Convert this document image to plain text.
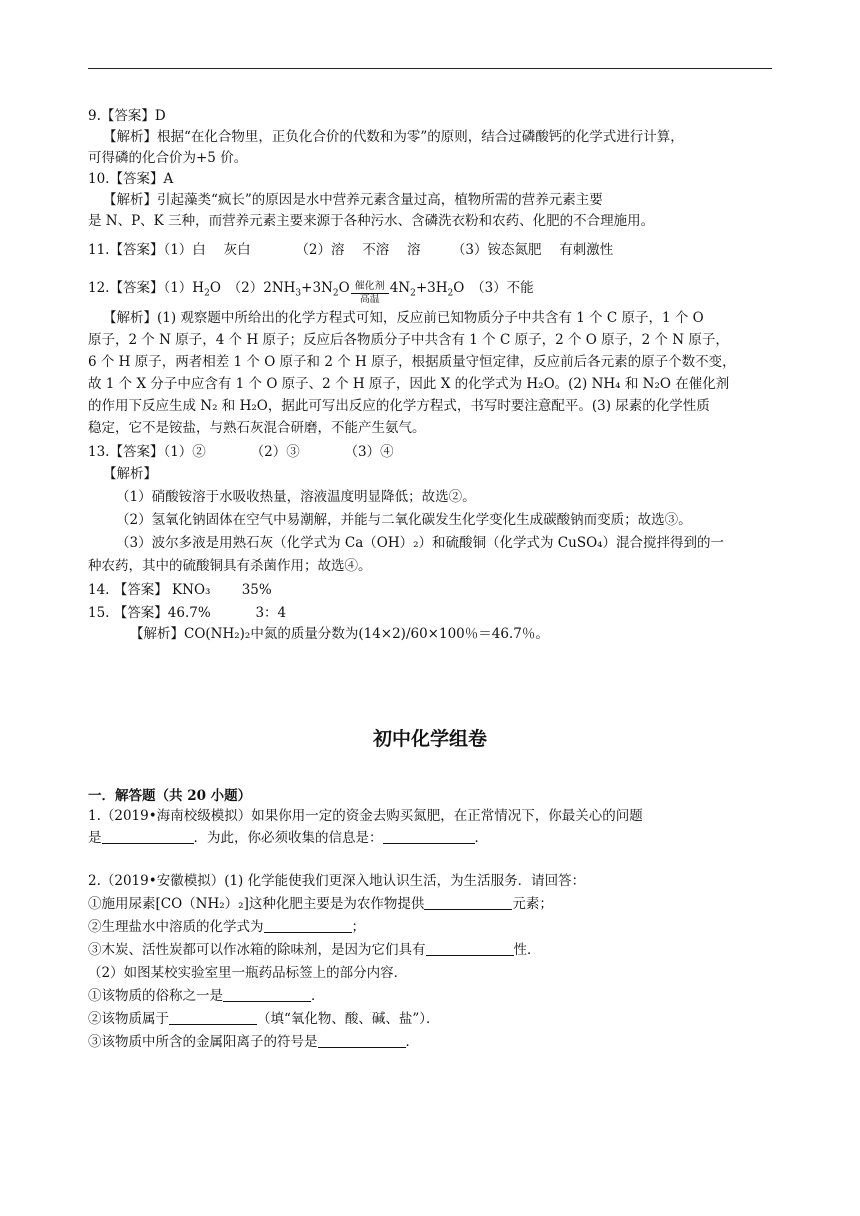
9.【答案】D
【解析】根据“在化合物里，正负化合价的代数和为零”的原则，结合过磷酸钙的化学式进行计算，
可得磷的化合价为+5 价。
10.【答案】A
【解析】引起藻类“疯长”的原因是水中营养元素含量过高，植物所需的营养元素主要
是 N、P、K 三种，而营养元素主要来源于各种污水、含磷洗衣粉和农药、化肥的不合理施用。
11.【答案】（1）白　 灰白　　　 （2）溶　 不溶　 溶　　 （3）铵态氮肥　 有刺激性
12.【答案】$(1)H_2O$　$(2)2NH_3+3N_2O \frac{\text{催化剂}}{\text{高温}} 4N_2+3H_2O$　（3）不能
【解析】(1) 观察题中所给出的化学方程式可知，反应前已知物质分子中共含有 1 个 C 原子，1 个 O
原子，2 个 N 原子，4 个 H 原子；反应后各物质分子中共含有 1 个 C 原子，2 个 O 原子，2 个 N 原子，
6 个 H 原子，两者相差 1 个 O 原子和 2 个 H 原子，根据质量守恒定律，反应前后各元素的原子个数不变，
故 1 个 X 分子中应含有 1 个 O 原子、2 个 H 原子，因此 X 的化学式为 H₂O。(2) NH₄ 和 N₂O 在催化剂
的作用下反应生成 N₂ 和 H₂O，据此可写出反应的化学方程式，书写时要注意配平。(3) 尿素的化学性质
稳定，它不是铵盐，与熟石灰混合研磨，不能产生氨气。
13.【答案】（1）②　　　 （2）③　　　 （3）④
【解析】
（1）硝酸铵溶于水吸收热量，溶液温度明显降低；故选②。
（2）氢氧化钠固体在空气中易潮解，并能与二氧化碳发生化学变化生成碳酸钠而变质；故选③。
（3）波尔多液是用熟石灰（化学式为 Ca（OH）₂）和硫酸铜（化学式为 CuSO₄）混合搅拌得到的一
种农药，其中的硫酸铜具有杀菌作用；故选④。
14. 【答案】 KNO₃　　 35%
15. 【答案】46.7%　　　 3：4
【解析】CO(NH₂)₂中氮的质量分数为(14×2)/60×100％＝46.7％。
初中化学组卷
一．解答题（共 20 小题）
1.（2019•海南校级模拟）如果你用一定的资金去购买氮肥，在正常情况下，你最关心的问题
是	．为此，你必须收集的信息是：	．
2.（2019•安徽模拟）(1) 化学能使我们更深入地认识生活，为生活服务．请回答：
①施用尿素[CO（NH₂）₂]这种化肥主要是为农作物提供	元素；
②生理盐水中溶质的化学式为	；
③木炭、活性炭都可以作冰箱的除味剂，是因为它们具有	性．
（2）如图某校实验室里一瓶药品标签上的部分内容．
①该物质的俗称之一是	．
②该物质属于	（填“氧化物、酸、碱、盐”）．
③该物质中所含的金属阳离子的符号是	．
